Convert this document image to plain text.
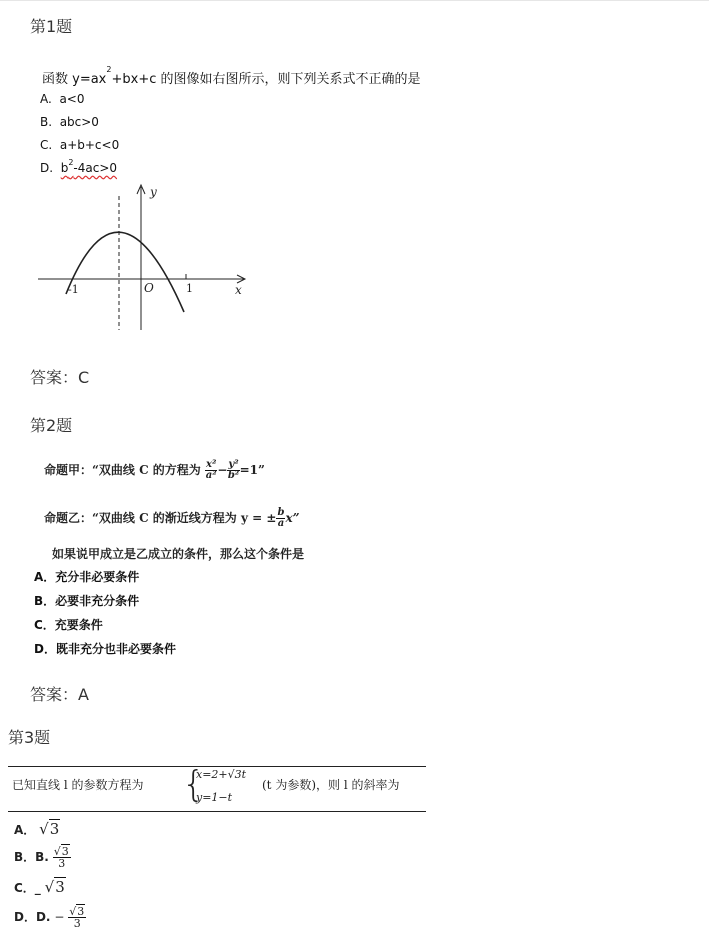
第1题
函数 $y=ax^2+bx+c$ 的图像如右图所示，则下列关系式不正确的是
A. a<0
B. abc>0
C. a+b+c<0
D. $b^2-4ac>0$
y
x
O
-1	1
答案：C
第2题
命题甲：“双曲线 C 的方程为 $\frac{\text{x²}}{\text{a²}} - \frac{\text{y²}}{\text{b²}} =1$”
命题乙：“双曲线 C 的渐近线方程为 y = ± $\frac{b}{a} x$”
如果说甲成立是乙成立的条件，那么这个条件是
A．充分非必要条件
B．必要非充分条件
C．充要条件
D．既非充分也非必要条件
答案：A
第3题
已知直线 l 的参数方程为 {
x=2+√3t
y=1−t
(t 为参数)，则 l 的斜率为
A． √3
B．B. $\frac{√3}{3}$
C．_ √3
D．D. − $\frac{√3}{3}$
